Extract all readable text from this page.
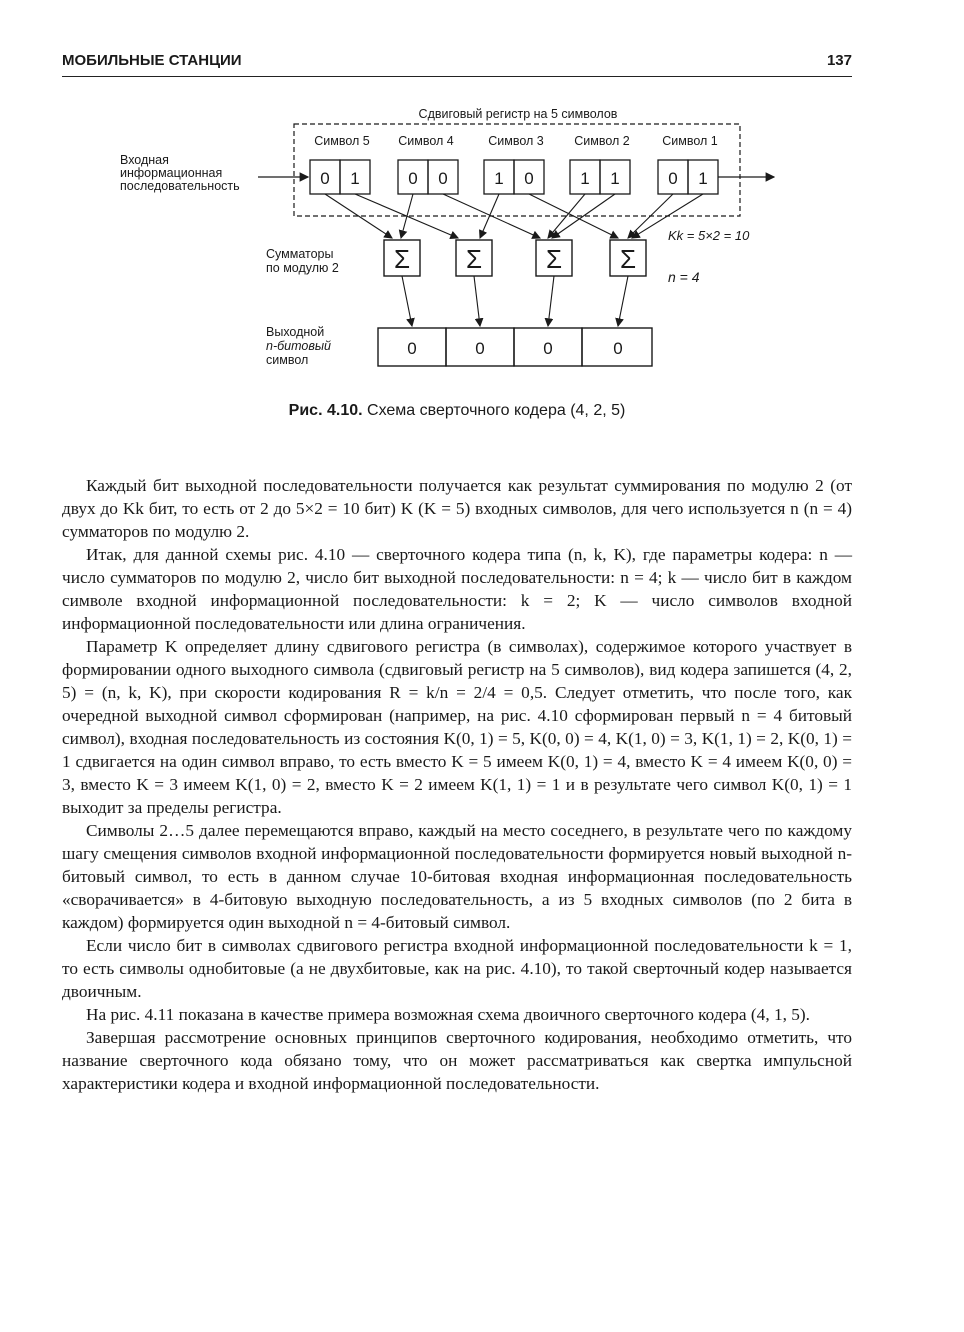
МОБИЛЬНЫЕ СТАНЦИИ	137
Сдвиговый регистр на 5 символов
Символ 5 Символ 4	Символ 3 Символ 2	Символ 1
0 1	0 0	1 0	1 1	0 1
Входная
информационная
последовательность
Сумматоры
по модулю 2 Σ Σ Σ Σ
Kk = 5×2 = 10
n = 4
Выходной
n-битовый
символ
0	0	0	0
Рис. 4.10. Схема сверточного кодера (4, 2, 5)

Каждый бит выходной последовательности получается как результат суммирования по модулю 2 (от двух до Kk бит, то есть от 2 до 5×2 = 10 бит) K (K = 5) входных символов, для чего используется n (n = 4) сумматоров по модулю 2.

Итак, для данной схемы рис. 4.10 — сверточного кодера типа (n, k, K), где параметры кодера: n — число сумматоров по модулю 2, число бит выходной последовательности: n = 4; k — число бит в каждом символе входной информационной последовательности: k = 2; K — число символов входной информационной последовательности или длина ограничения.

Параметр K определяет длину сдвигового регистра (в символах), содержимое которого участвует в формировании одного выходного символа (сдвиговый регистр на 5 символов), вид кодера запишется (4, 2, 5) = (n, k, K), при скорости кодирования R = k/n = 2/4 = 0,5. Следует отметить, что после того, как очередной выходной символ сформирован (например, на рис. 4.10 сформирован первый n = 4 битовый символ), входная последовательность из состояния K(0, 1) = 5, K(0, 0) = 4, K(1, 0) = 3, K(1, 1) = 2, K(0, 1) = 1 сдвигается на один символ вправо, то есть вместо K = 5 имеем K(0, 1) = 4, вместо K = 4 имеем K(0, 0) = 3, вместо K = 3 имеем K(1, 0) = 2, вместо K = 2 имеем K(1, 1) = 1 и в результате чего символ K(0, 1) = 1 выходит за пределы регистра.

Символы 2…5 далее перемещаются вправо, каждый на место соседнего, в результате чего по каждому шагу смещения символов входной информационной последовательности формируется новый выходной n-битовый символ, то есть в данном случае 10-битовая входная информационная последовательность «сворачивается» в 4-битовую выходную последовательность, а из 5 входных символов (по 2 бита в каждом) формируется один выходной n = 4-битовый символ.

Если число бит в символах сдвигового регистра входной информационной последовательности k = 1, то есть символы однобитовые (а не двухбитовые, как на рис. 4.10), то такой сверточный кодер называется двоичным.

На рис. 4.11 показана в качестве примера возможная схема двоичного сверточного кодера (4, 1, 5).

Завершая рассмотрение основных принципов сверточного кодирования, необходимо отметить, что название сверточного кода обязано тому, что он может рассматриваться как свертка импульсной характеристики кодера и входной информационной последовательности.
